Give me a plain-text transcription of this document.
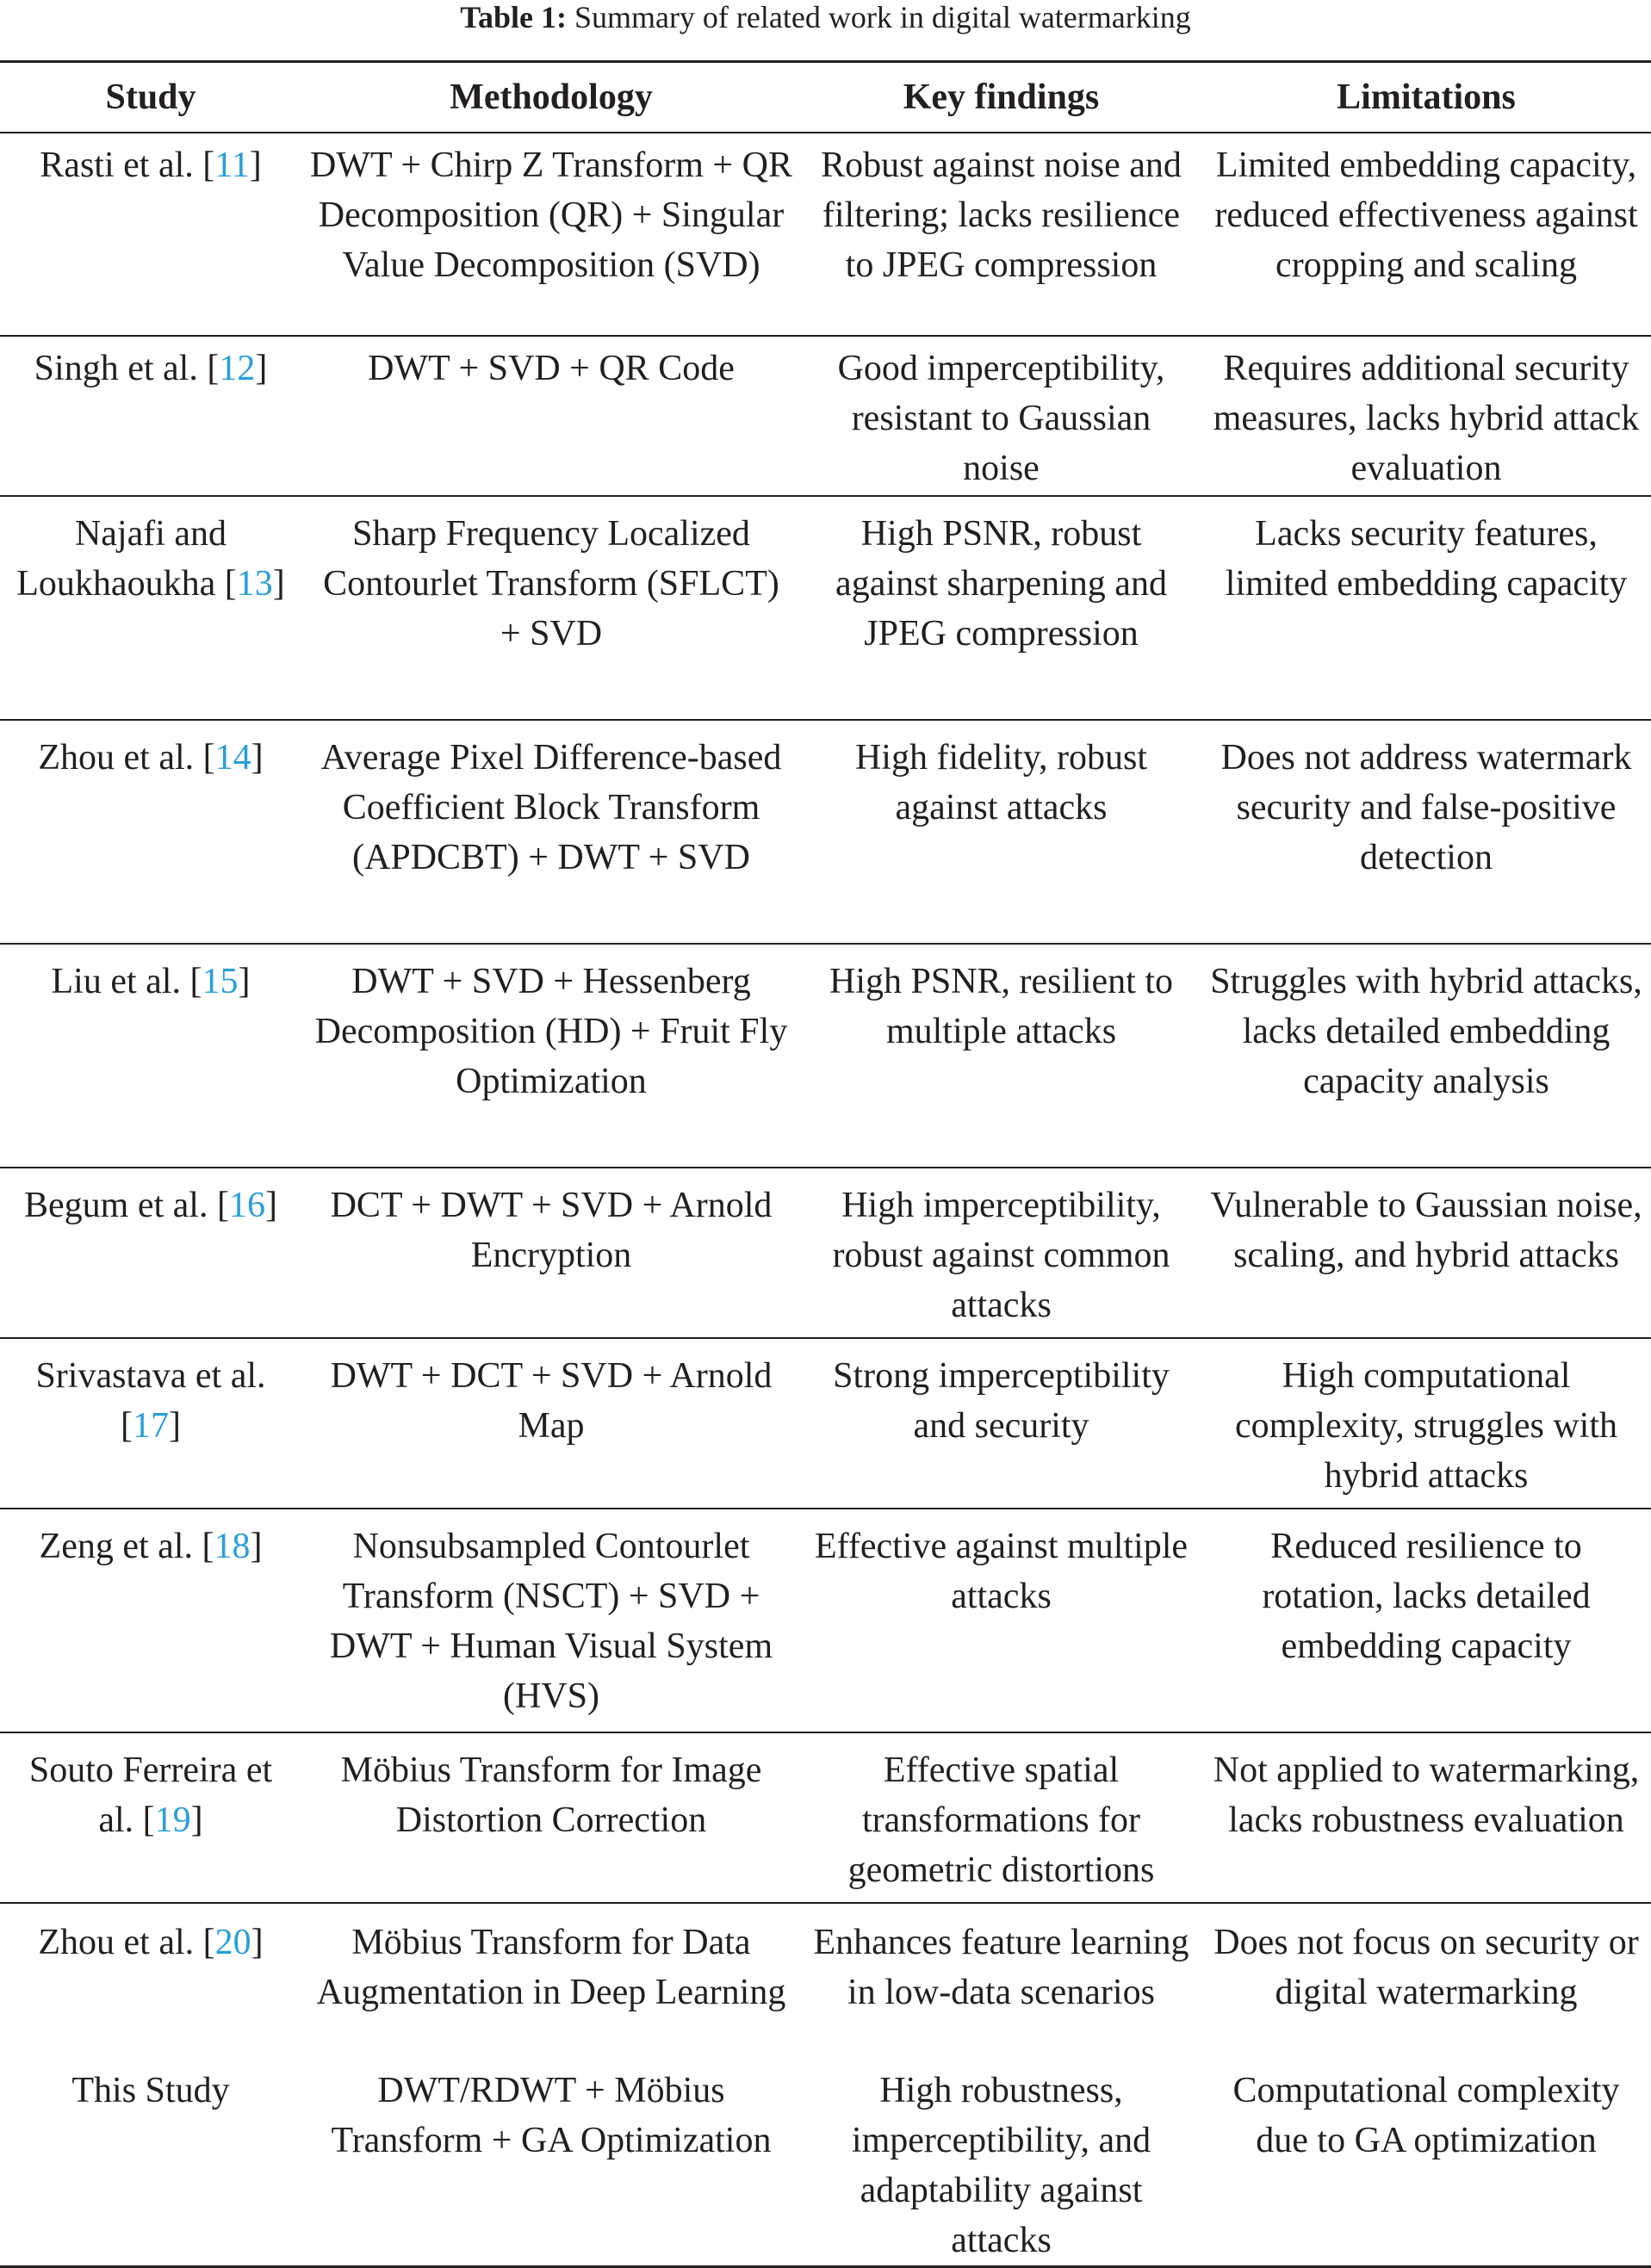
Table 1: Summary of related work in digital watermarking
Study	Methodology	Key findings	Limitations
Rasti et al. [11]	DWT + Chirp Z Transform + QR Decomposition (QR) + Singular Value Decomposition (SVD)	Robust against noise and filtering; lacks resilience to JPEG compression	Limited embedding capacity, reduced effectiveness against cropping and scaling
Singh et al. [12]	DWT + SVD + QR Code	Good imperceptibility, resistant to Gaussian noise	Requires additional security measures, lacks hybrid attack evaluation
Najafi and Loukhaoukha [13]	Sharp Frequency Localized Contourlet Transform (SFLCT) + SVD	High PSNR, robust against sharpening and JPEG compression	Lacks security features, limited embedding capacity
Zhou et al. [14]	Average Pixel Difference-based Coefficient Block Transform (APDCBT) + DWT + SVD	High fidelity, robust against attacks	Does not address watermark security and false-positive detection
Liu et al. [15]	DWT + SVD + Hessenberg Decomposition (HD) + Fruit Fly Optimization	High PSNR, resilient to multiple attacks	Struggles with hybrid attacks, lacks detailed embedding capacity analysis
Begum et al. [16]	DCT + DWT + SVD + Arnold Encryption	High imperceptibility, robust against common attacks	Vulnerable to Gaussian noise, scaling, and hybrid attacks
Srivastava et al. [17]	DWT + DCT + SVD + Arnold Map	Strong imperceptibility and security	High computational complexity, struggles with hybrid attacks
Zeng et al. [18]	Nonsubsampled Contourlet Transform (NSCT) + SVD + DWT + Human Visual System (HVS)	Effective against multiple attacks	Reduced resilience to rotation, lacks detailed embedding capacity
Souto Ferreira et al. [19]	Möbius Transform for Image Distortion Correction	Effective spatial transformations for geometric distortions	Not applied to watermarking, lacks robustness evaluation
Zhou et al. [20]	Möbius Transform for Data Augmentation in Deep Learning	Enhances feature learning in low-data scenarios	Does not focus on security or digital watermarking
This Study	DWT/RDWT + Möbius Transform + GA Optimization	High robustness, imperceptibility, and adaptability against attacks	Computational complexity due to GA optimization
